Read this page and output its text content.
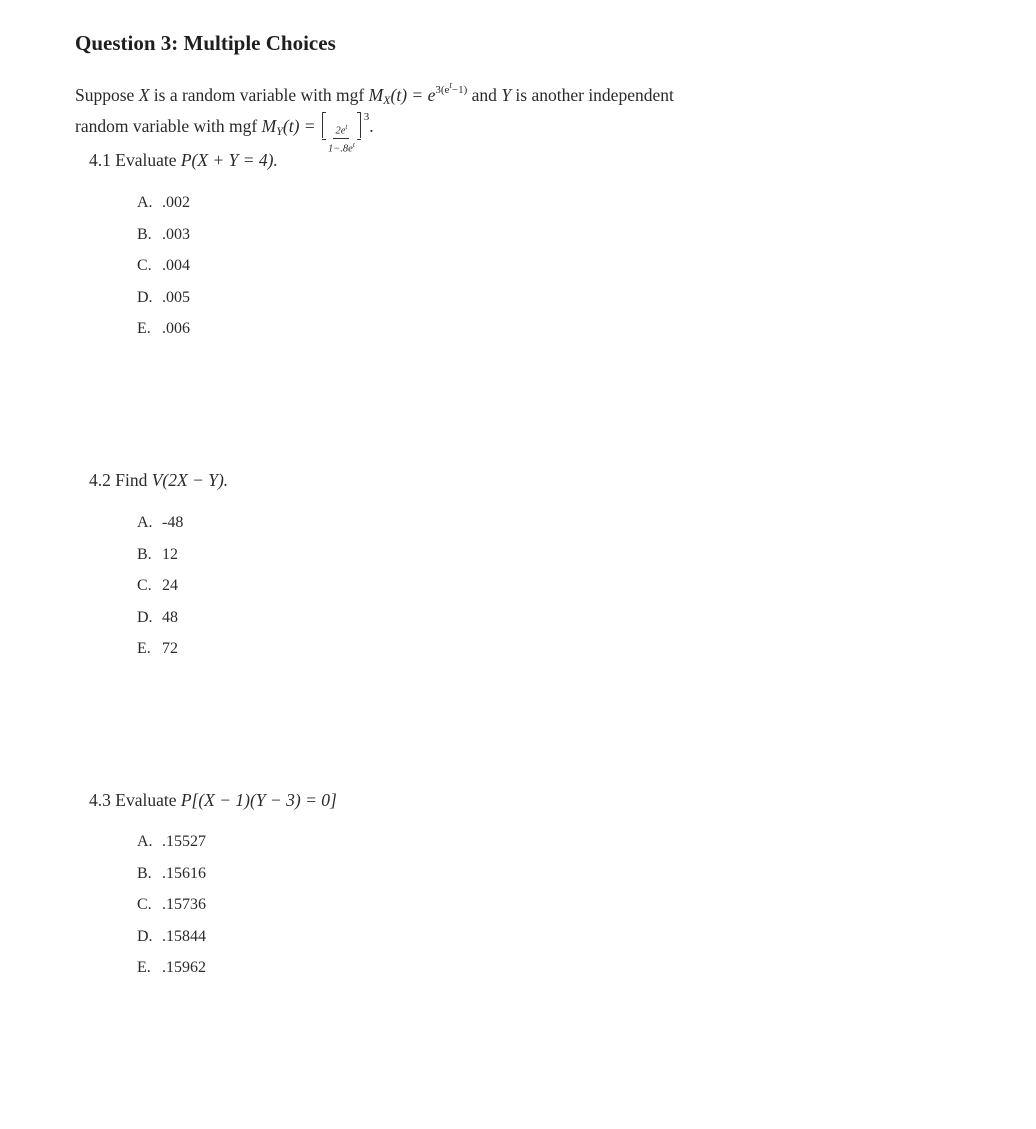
Question 3: Multiple Choices
Suppose X is a random variable with mgf $M_X(t) = e^{3(e^t-1)}$ and Y is another independent
random variable with mgf $M_Y(t) = \frac{2e^t}{1-.8e^t}$
$^3$.
4.1 Evaluate P(X + Y = 4).
A. .002
B. .003
C. .004
D. .005
E. .006
4.2 Find V(2X − Y).
A. -48
B. 12
C. 24
D. 48
E. 72
4.3 Evaluate P[(X − 1)(Y − 3) = 0]
A. .15527
B. .15616
C. .15736
D. .15844
E. .15962
